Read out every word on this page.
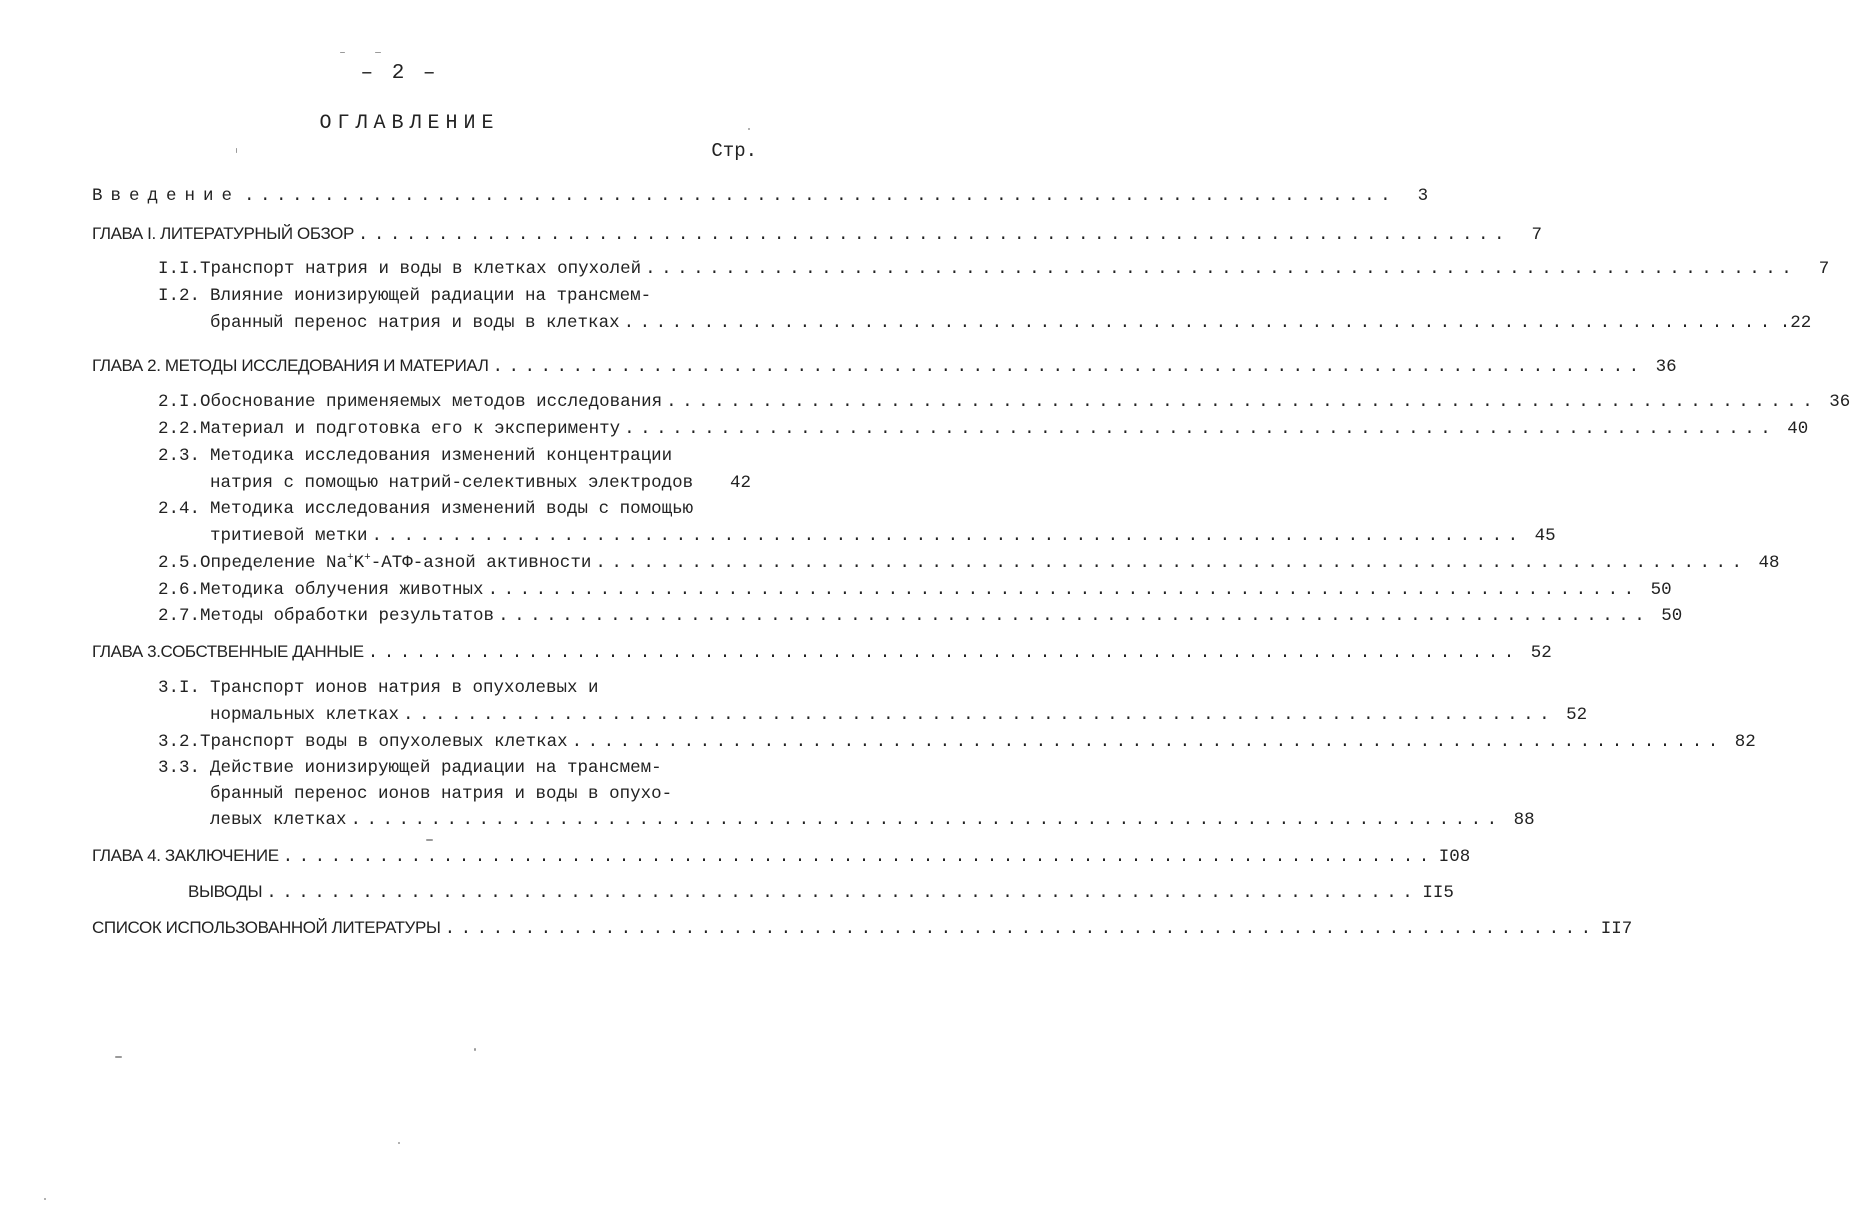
– 2 –
ОГЛАВЛЕНИЕ
Стр.
Введение ........................................................................	3
ГЛАВА I. ЛИТЕРАТУРНЫЙ ОБЗОР ........................................................................	7
I.I. Транспорт натрия и воды в клетках опухолей ........................................................................	7
I.2. Влияние ионизирующей радиации на трансмем-
бранный перенос натрия и воды в клетках ........................................................................ .22
ГЛАВА 2. МЕТОДЫ ИССЛЕДОВАНИЯ И МАТЕРИАЛ ........................................................................ 36
2.I. Обоснование применяемых методов исследования ........................................................................ 36
2.2. Материал и подготовка его к эксперименту ........................................................................ 40
2.3. Методика исследования изменений концентрации
натрия с помощью натрий-селективных электродов	42
2.4. Методика исследования изменений воды с помощью
тритиевой метки ........................................................................ 45
2.5. Определение Na+K+-АТФ-азной активности ........................................................................ 48
2.6. Методика облучения животных ........................................................................ 50
2.7. Методы обработки результатов ........................................................................ 50
ГЛАВА 3.СОБСТВЕННЫЕ ДАННЫЕ ........................................................................ 52
3.I. Транспорт ионов натрия в опухолевых и
нормальных клетках ........................................................................ 52
3.2. Транспорт воды в опухолевых клетках ........................................................................ 82
3.3. Действие ионизирующей радиации на трансмем-
бранный перенос ионов натрия и воды в опухо-
левых клетках ........................................................................ 88
ГЛАВА 4. ЗАКЛЮЧЕНИЕ ........................................................................ I08
ВЫВОДЫ ........................................................................ II5
СПИСОК ИСПОЛЬЗОВАННОЙ ЛИТЕРАТУРЫ ........................................................................ II7
